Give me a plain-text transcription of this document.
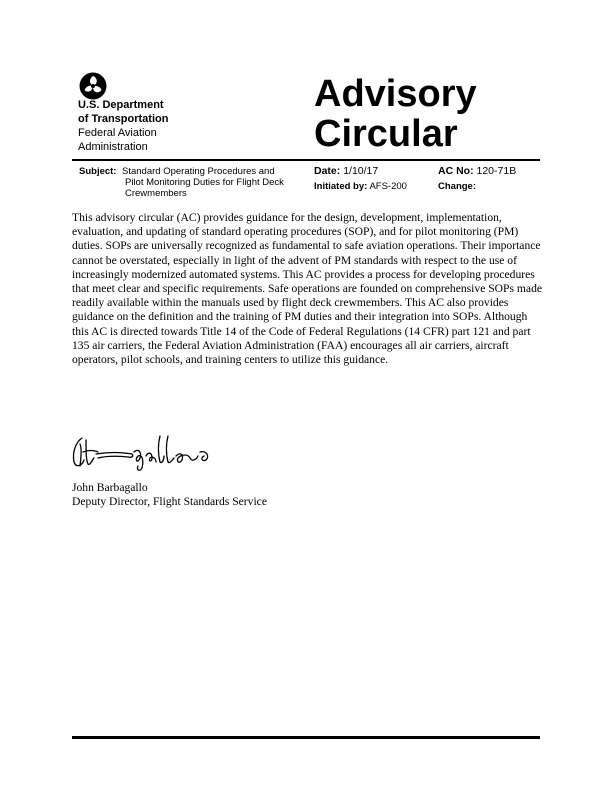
U.S. Department
of Transportation
Federal Aviation
Administration
Advisory
Circular
Subject: Standard Operating Procedures and Pilot Monitoring Duties for Flight Deck Crewmembers
Date: 1/10/17
Initiated by: AFS-200
AC No: 120-71B
Change:
This advisory circular (AC) provides guidance for the design, development, implementation, evaluation, and updating of standard operating procedures (SOP), and for pilot monitoring (PM) duties. SOPs are universally recognized as fundamental to safe aviation operations. Their importance cannot be overstated, especially in light of the advent of PM standards with respect to the use of increasingly modernized automated systems. This AC provides a process for developing procedures that meet clear and specific requirements. Safe operations are founded on comprehensive SOPs made readily available within the manuals used by flight deck crewmembers. This AC also provides guidance on the definition and the training of PM duties and their integration into SOPs. Although this AC is directed towards Title 14 of the Code of Federal Regulations (14 CFR) part 121 and part 135 air carriers, the Federal Aviation Administration (FAA) encourages all air carriers, aircraft operators, pilot schools, and training centers to utilize this guidance.
John Barbagallo
Deputy Director, Flight Standards Service
